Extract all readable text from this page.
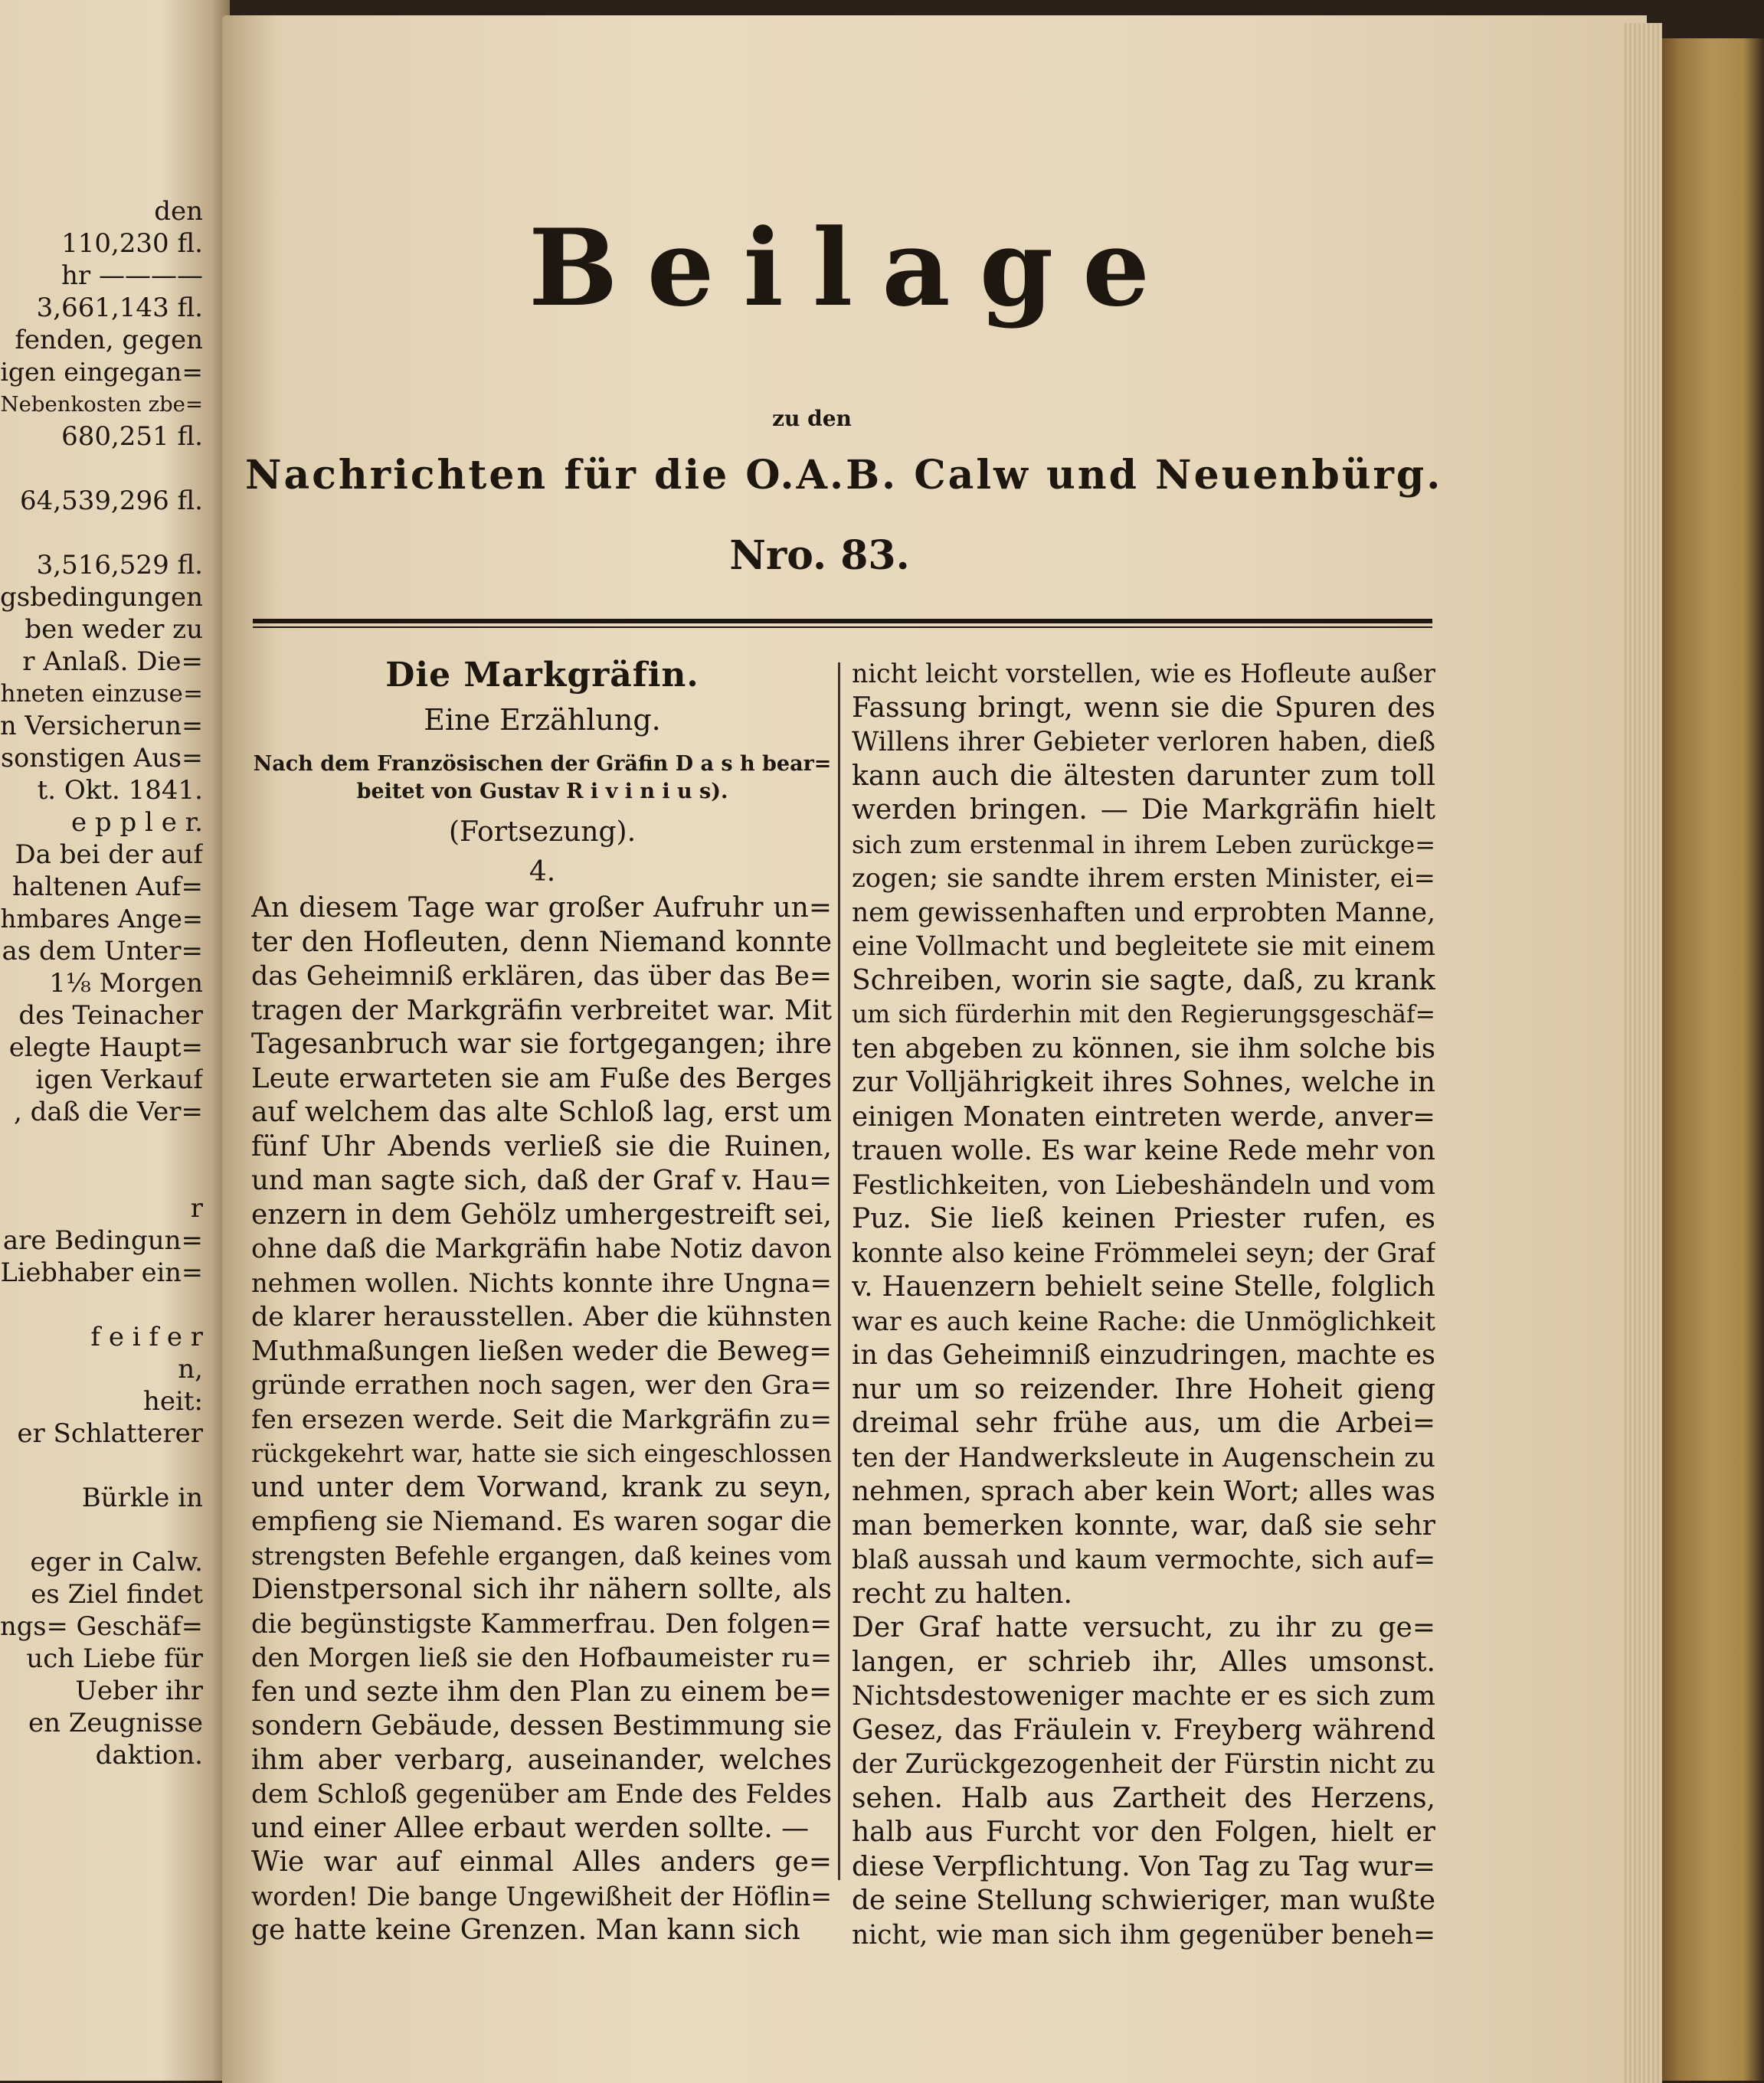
den
110,230 fl.
hr ————
3,661,143 fl.
fenden, gegen
igen eingegan=
Nebenkosten zbe=
680,251 fl.
64,539,296 fl.
3,516,529 fl.
gsbedingungen
ben weder zu
r Anlaß. Die=
hneten einzuse=
n Versicherun=
sonstigen Aus=
t. Okt. 1841.
e p p l e r.
Da bei der auf
haltenen Auf=
hmbares Ange=
as dem Unter=
1⅛ Morgen
des Teinacher
elegte Haupt=
igen Verkauf
, daß die Ver=
r
are Bedingun=
Liebhaber ein=
f e i f e r
n,
heit:
er Schlatterer
Bürkle in
eger in Calw.
es Ziel findet
ngs= Geschäf=
uch Liebe für
Ueber ihr
en Zeugnisse
daktion.
Beilage
zu den
Nachrichten für die O.A.B. Calw und Neuenbürg.
Nro. 83.
Die Markgräfin.
Eine Erzählung.
Nach dem Französischen der Gräfin D a s h bear=
beitet von Gustav R i v i n i u s).
(Fortsezung).
4.
An diesem Tage war großer Aufruhr un=
ter den Hofleuten, denn Niemand konnte
das Geheimniß erklären, das über das Be=
tragen der Markgräfin verbreitet war. Mit
Tagesanbruch war sie fortgegangen; ihre
Leute erwarteten sie am Fuße des Berges
auf welchem das alte Schloß lag, erst um
fünf Uhr Abends verließ sie die Ruinen,
und man sagte sich, daß der Graf v. Hau=
enzern in dem Gehölz umhergestreift sei,
ohne daß die Markgräfin habe Notiz davon
nehmen wollen. Nichts konnte ihre Ungna=
de klarer herausstellen. Aber die kühnsten
Muthmaßungen ließen weder die Beweg=
gründe errathen noch sagen, wer den Gra=
fen ersezen werde. Seit die Markgräfin zu=
rückgekehrt war, hatte sie sich eingeschlossen
und unter dem Vorwand, krank zu seyn,
empfieng sie Niemand. Es waren sogar die
strengsten Befehle ergangen, daß keines vom
Dienstpersonal sich ihr nähern sollte, als
die begünstigste Kammerfrau. Den folgen=
den Morgen ließ sie den Hofbaumeister ru=
fen und sezte ihm den Plan zu einem be=
sondern Gebäude, dessen Bestimmung sie
ihm aber verbarg, auseinander, welches
dem Schloß gegenüber am Ende des Feldes
und einer Allee erbaut werden sollte. —
Wie war auf einmal Alles anders ge=
worden! Die bange Ungewißheit der Höflin=
ge hatte keine Grenzen. Man kann sich
nicht leicht vorstellen, wie es Hofleute außer
Fassung bringt, wenn sie die Spuren des
Willens ihrer Gebieter verloren haben, dieß
kann auch die ältesten darunter zum toll
werden bringen. — Die Markgräfin hielt
sich zum erstenmal in ihrem Leben zurückge=
zogen; sie sandte ihrem ersten Minister, ei=
nem gewissenhaften und erprobten Manne,
eine Vollmacht und begleitete sie mit einem
Schreiben, worin sie sagte, daß, zu krank
um sich fürderhin mit den Regierungsgeschäf=
ten abgeben zu können, sie ihm solche bis
zur Volljährigkeit ihres Sohnes, welche in
einigen Monaten eintreten werde, anver=
trauen wolle. Es war keine Rede mehr von
Festlichkeiten, von Liebeshändeln und vom
Puz. Sie ließ keinen Priester rufen, es
konnte also keine Frömmelei seyn; der Graf
v. Hauenzern behielt seine Stelle, folglich
war es auch keine Rache: die Unmöglichkeit
in das Geheimniß einzudringen, machte es
nur um so reizender. Ihre Hoheit gieng
dreimal sehr frühe aus, um die Arbei=
ten der Handwerksleute in Augenschein zu
nehmen, sprach aber kein Wort; alles was
man bemerken konnte, war, daß sie sehr
blaß aussah und kaum vermochte, sich auf=
recht zu halten.
Der Graf hatte versucht, zu ihr zu ge=
langen, er schrieb ihr, Alles umsonst.
Nichtsdestoweniger machte er es sich zum
Gesez, das Fräulein v. Freyberg während
der Zurückgezogenheit der Fürstin nicht zu
sehen. Halb aus Zartheit des Herzens,
halb aus Furcht vor den Folgen, hielt er
diese Verpflichtung. Von Tag zu Tag wur=
de seine Stellung schwieriger, man wußte
nicht, wie man sich ihm gegenüber beneh=
